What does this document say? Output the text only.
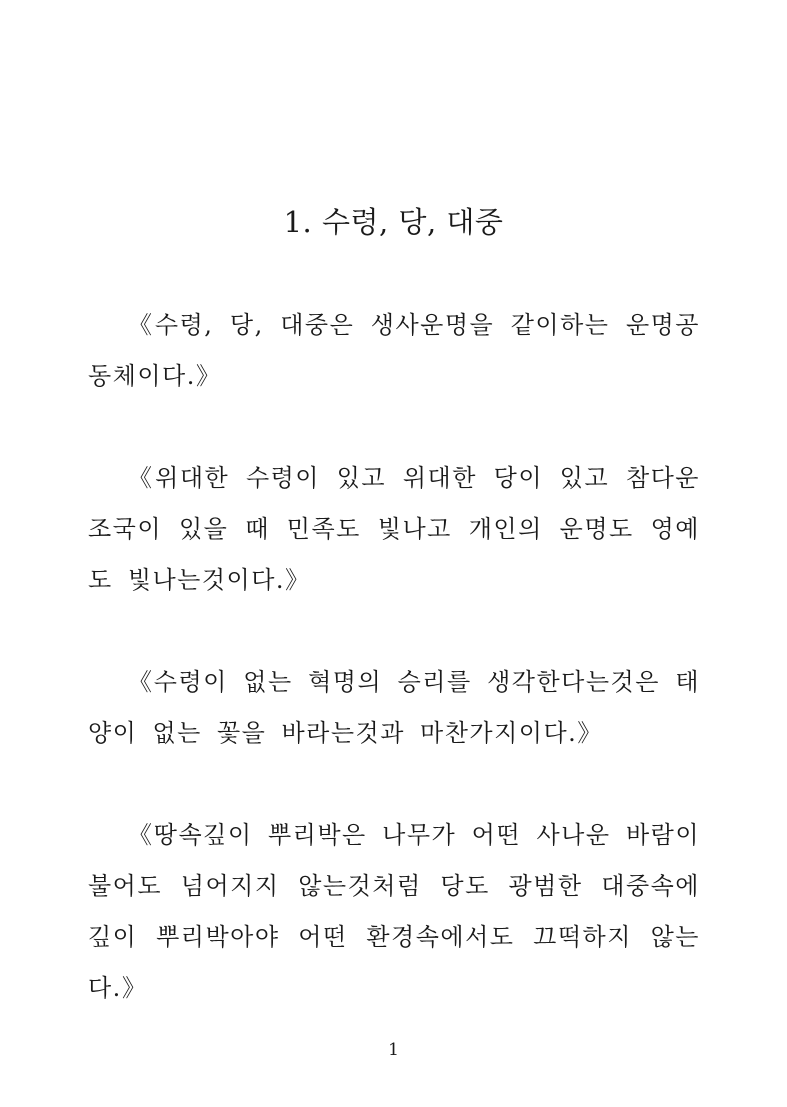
1. 수령, 당, 대중

《수령, 당, 대중은 생사운명을 같이하는 운명공동체이다.》

《위대한 수령이 있고 위대한 당이 있고 참다운 조국이 있을 때 민족도 빛나고 개인의 운명도 영예도 빛나는것이다.》

《수령이 없는 혁명의 승리를 생각한다는것은 태양이 없는 꽃을 바라는것과 마찬가지이다.》

《땅속깊이 뿌리박은 나무가 어떤 사나운 바람이 불어도 넘어지지 않는것처럼 당도 광범한 대중속에 깊이 뿌리박아야 어떤 환경속에서도 끄떡하지 않는다.》

1
